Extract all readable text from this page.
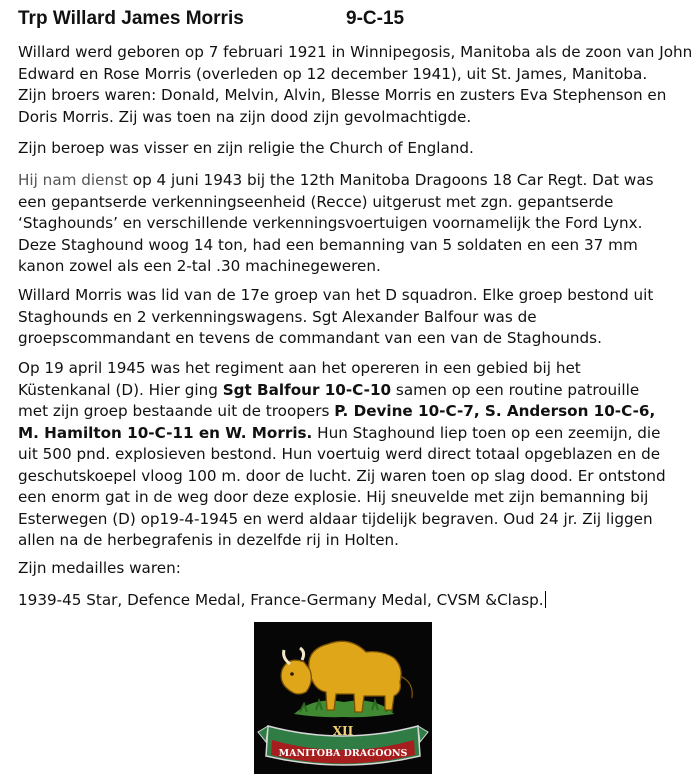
Trp Willard James Morris	9-C-15
Willard werd geboren op 7 februari 1921 in Winnipegosis, Manitoba als de zoon van John
Edward en Rose Morris (overleden op 12 december 1941), uit St. James, Manitoba.
Zijn broers waren: Donald, Melvin, Alvin, Blesse Morris en zusters Eva Stephenson en
Doris Morris. Zij was toen na zijn dood zijn gevolmachtigde.
Zijn beroep was visser en zijn religie the Church of England.
Hij nam dienst op 4 juni 1943 bij the 12th Manitoba Dragoons 18 Car Regt. Dat was
een gepantserde verkenningseenheid (Recce) uitgerust met zgn. gepantserde
‘Staghounds’ en verschillende verkenningsvoertuigen voornamelijk the Ford Lynx.
Deze Staghound woog 14 ton, had een bemanning van 5 soldaten en een 37 mm
kanon zowel als een 2-tal .30 machinegeweren.
Willard Morris was lid van de 17e groep van het D squadron. Elke groep bestond uit
Staghounds en 2 verkenningswagens. Sgt Alexander Balfour was de
groepscommandant en tevens de commandant van een van de Staghounds.
Op 19 april 1945 was het regiment aan het opereren in een gebied bij het
Küstenkanal (D). Hier ging Sgt Balfour 10-C-10 samen op een routine patrouille
met zijn groep bestaande uit de troopers P. Devine 10-C-7, S. Anderson 10-C-6,
M. Hamilton 10-C-11 en W. Morris. Hun Staghound liep toen op een zeemijn, die
uit 500 pnd. explosieven bestond. Hun voertuig werd direct totaal opgeblazen en de
geschutskoepel vloog 100 m. door de lucht. Zij waren toen op slag dood. Er ontstond
een enorm gat in de weg door deze explosie. Hij sneuvelde met zijn bemanning bij
Esterwegen (D) op19-4-1945 en werd aldaar tijdelijk begraven. Oud 24 jr. Zij liggen
allen na de herbegrafenis in dezelfde rij in Holten.
Zijn medailles waren:
1939-45 Star, Defence Medal, France-Germany Medal, CVSM &Clasp.
XII
MANITOBA DRAGOONS
